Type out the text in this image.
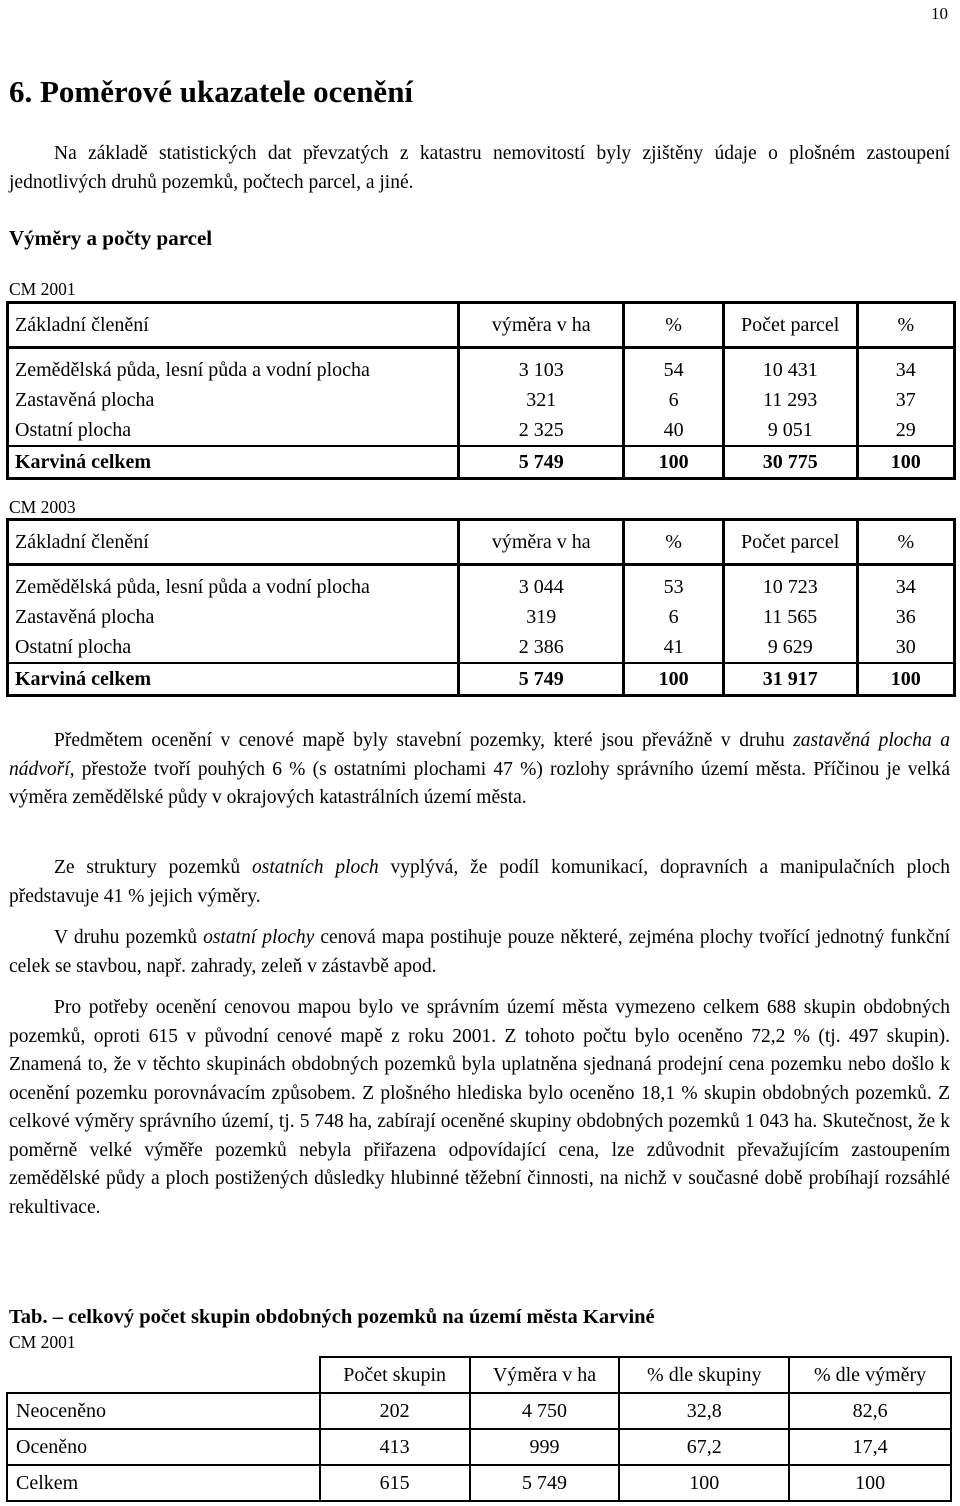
10
6. Poměrové ukazatele ocenění
Na základě statistických dat převzatých z katastru nemovitostí byly zjištěny údaje o plošném zastoupení jednotlivých druhů pozemků, počtech parcel, a jiné.
Výměry a počty parcel
CM 2001
Základní členění	výměra v ha	%	Počet parcel	%

Zemědělská půda, lesní půda a vodní plocha	3 103	54	10 431	34
Zastavěná plocha	321	6	11 293	37
Ostatní plocha	2 325	40	9 051	29
Karviná celkem	5 749	100	30 775	100
CM 2003
Základní členění	výměra v ha	%	Počet parcel	%

Zemědělská půda, lesní půda a vodní plocha	3 044	53	10 723	34
Zastavěná plocha	319	6	11 565	36
Ostatní plocha	2 386	41	9 629	30
Karviná celkem	5 749	100	31 917	100
Předmětem ocenění v cenové mapě byly stavební pozemky, které jsou převážně v druhu zastavěná plocha a nádvoří, přestože tvoří pouhých 6 % (s ostatními plochami 47 %) rozlohy správního území města. Příčinou je velká výměra zemědělské půdy v okrajových katastrálních území města.
Ze struktury pozemků ostatních ploch vyplývá, že podíl komunikací, dopravních a manipulačních ploch představuje 41 % jejich výměry.
V druhu pozemků ostatní plochy cenová mapa postihuje pouze některé, zejména plochy tvořící jednotný funkční celek se stavbou, např. zahrady, zeleň v zástavbě apod.
Pro potřeby ocenění cenovou mapou bylo ve správním území města vymezeno celkem 688 skupin obdobných pozemků, oproti 615 v původní cenové mapě z roku 2001. Z tohoto počtu bylo oceněno 72,2 % (tj. 497 skupin). Znamená to, že v těchto skupinách obdobných pozemků byla uplatněna sjednaná prodejní cena pozemku nebo došlo k ocenění pozemku porovnávacím způsobem. Z plošného hlediska bylo oceněno 18,1 % skupin obdobných pozemků. Z celkové výměry správního území, tj. 5 748 ha, zabírají oceněné skupiny obdobných pozemků 1 043 ha. Skutečnost, že k poměrně velké výměře pozemků nebyla přiřazena odpovídající cena, lze zdůvodnit převažujícím zastoupením zemědělské půdy a ploch postižených důsledky hlubinné těžební činnosti, na nichž v současné době probíhají rozsáhlé rekultivace.
Tab. – celkový počet skupin obdobných pozemků na území města Karviné
CM 2001
	Počet skupin	Výměra v ha	% dle skupiny	% dle výměry
Neoceněno	202	4 750	32,8	82,6
Oceněno	413	999	67,2	17,4
Celkem	615	5 749	100	100
